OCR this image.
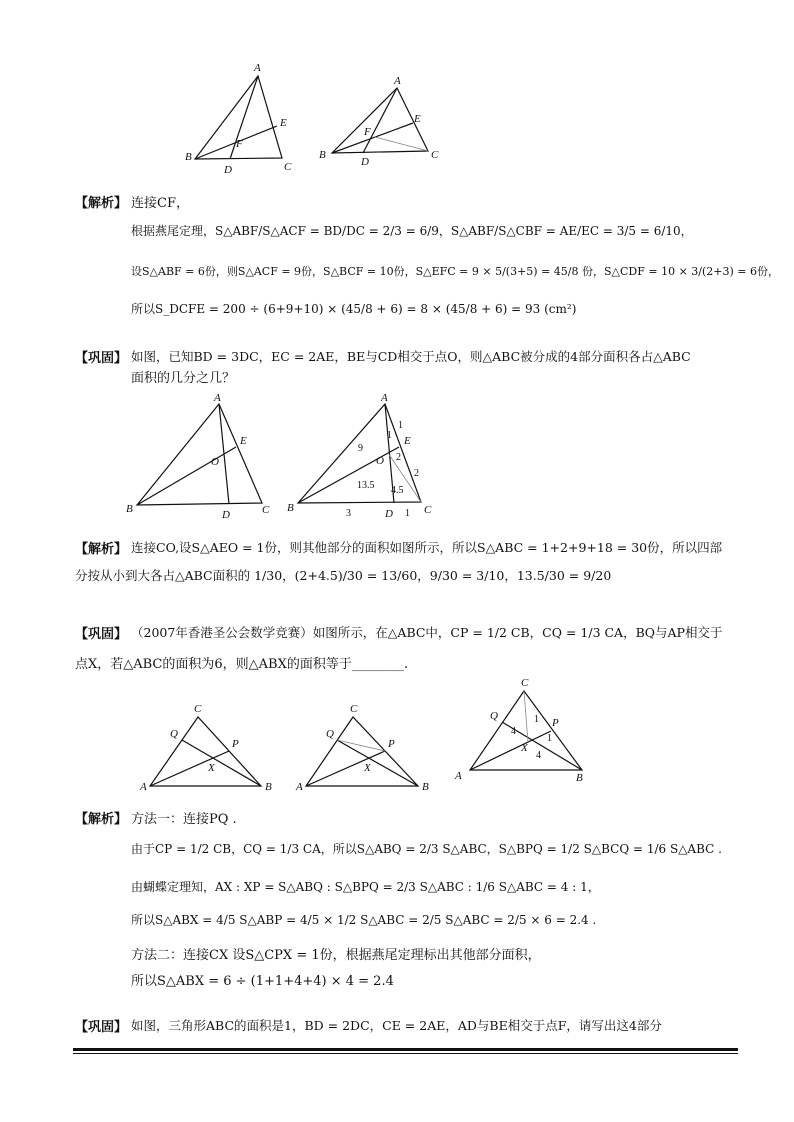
A
E
F
B
D	C
A
E
F
B
D
C
【解析】 连接CF，
根据燕尾定理，S△ABF/S△ACF = BD/DC = 2/3 = 6/9，S△ABF/S△CBF = AE/EC = 3/5 = 6/10，
设S△ABF = 6份，则S△ACF = 9份，S△BCF = 10份，S△EFC = 9 × 5/(3+5) = 45/8 份，S△CDF = 10 × 3/(2+3) = 6份，
所以S_DCFE = 200 ÷ (6+9+10) × (45/8 + 6) = 8 × (45/8 + 6) = 93 (cm²)
【巩固】 如图，已知BD = 3DC，EC = 2AE，BE与CD相交于点O，则△ABC被分成的4部分面积各占△ABC
面积的几分之几？
A
E
O
B	D	C
A
E
O
B	D	C
9
1
1
2
2
13.5 4.5
3	1
【解析】 连接CO,设S△AEO = 1份，则其他部分的面积如图所示，所以S△ABC = 1+2+9+18 = 30份，所以四部
分按从小到大各占△ABC面积的 1/30，(2+4.5)/30 = 13/60，9/30 = 3/10，13.5/30 = 9/20
【巩固】 （2007年香港圣公会数学竞赛）如图所示，在△ABC中，CP = 1/2 CB，CQ = 1/3 CA，BQ与AP相交于
点X，若△ABC的面积为6，则△ABX的面积等于________.
C
Q
P
X
A	B
C
Q
P
X
A	B
C
Q
P
X
A	B
1
4
1
4
【解析】 方法一：连接PQ .
由于CP = 1/2 CB，CQ = 1/3 CA，所以S△ABQ = 2/3 S△ABC，S△BPQ = 1/2 S△BCQ = 1/6 S△ABC .
由蝴蝶定理知，AX : XP = S△ABQ : S△BPQ = 2/3 S△ABC : 1/6 S△ABC = 4 : 1，
所以S△ABX = 4/5 S△ABP = 4/5 × 1/2 S△ABC = 2/5 S△ABC = 2/5 × 6 = 2.4 .
方法二：连接CX 设S△CPX = 1份，根据燕尾定理标出其他部分面积，
所以S△ABX = 6 ÷ (1+1+4+4) × 4 = 2.4
【巩固】 如图，三角形ABC的面积是1，BD = 2DC，CE = 2AE，AD与BE相交于点F，请写出这4部分
